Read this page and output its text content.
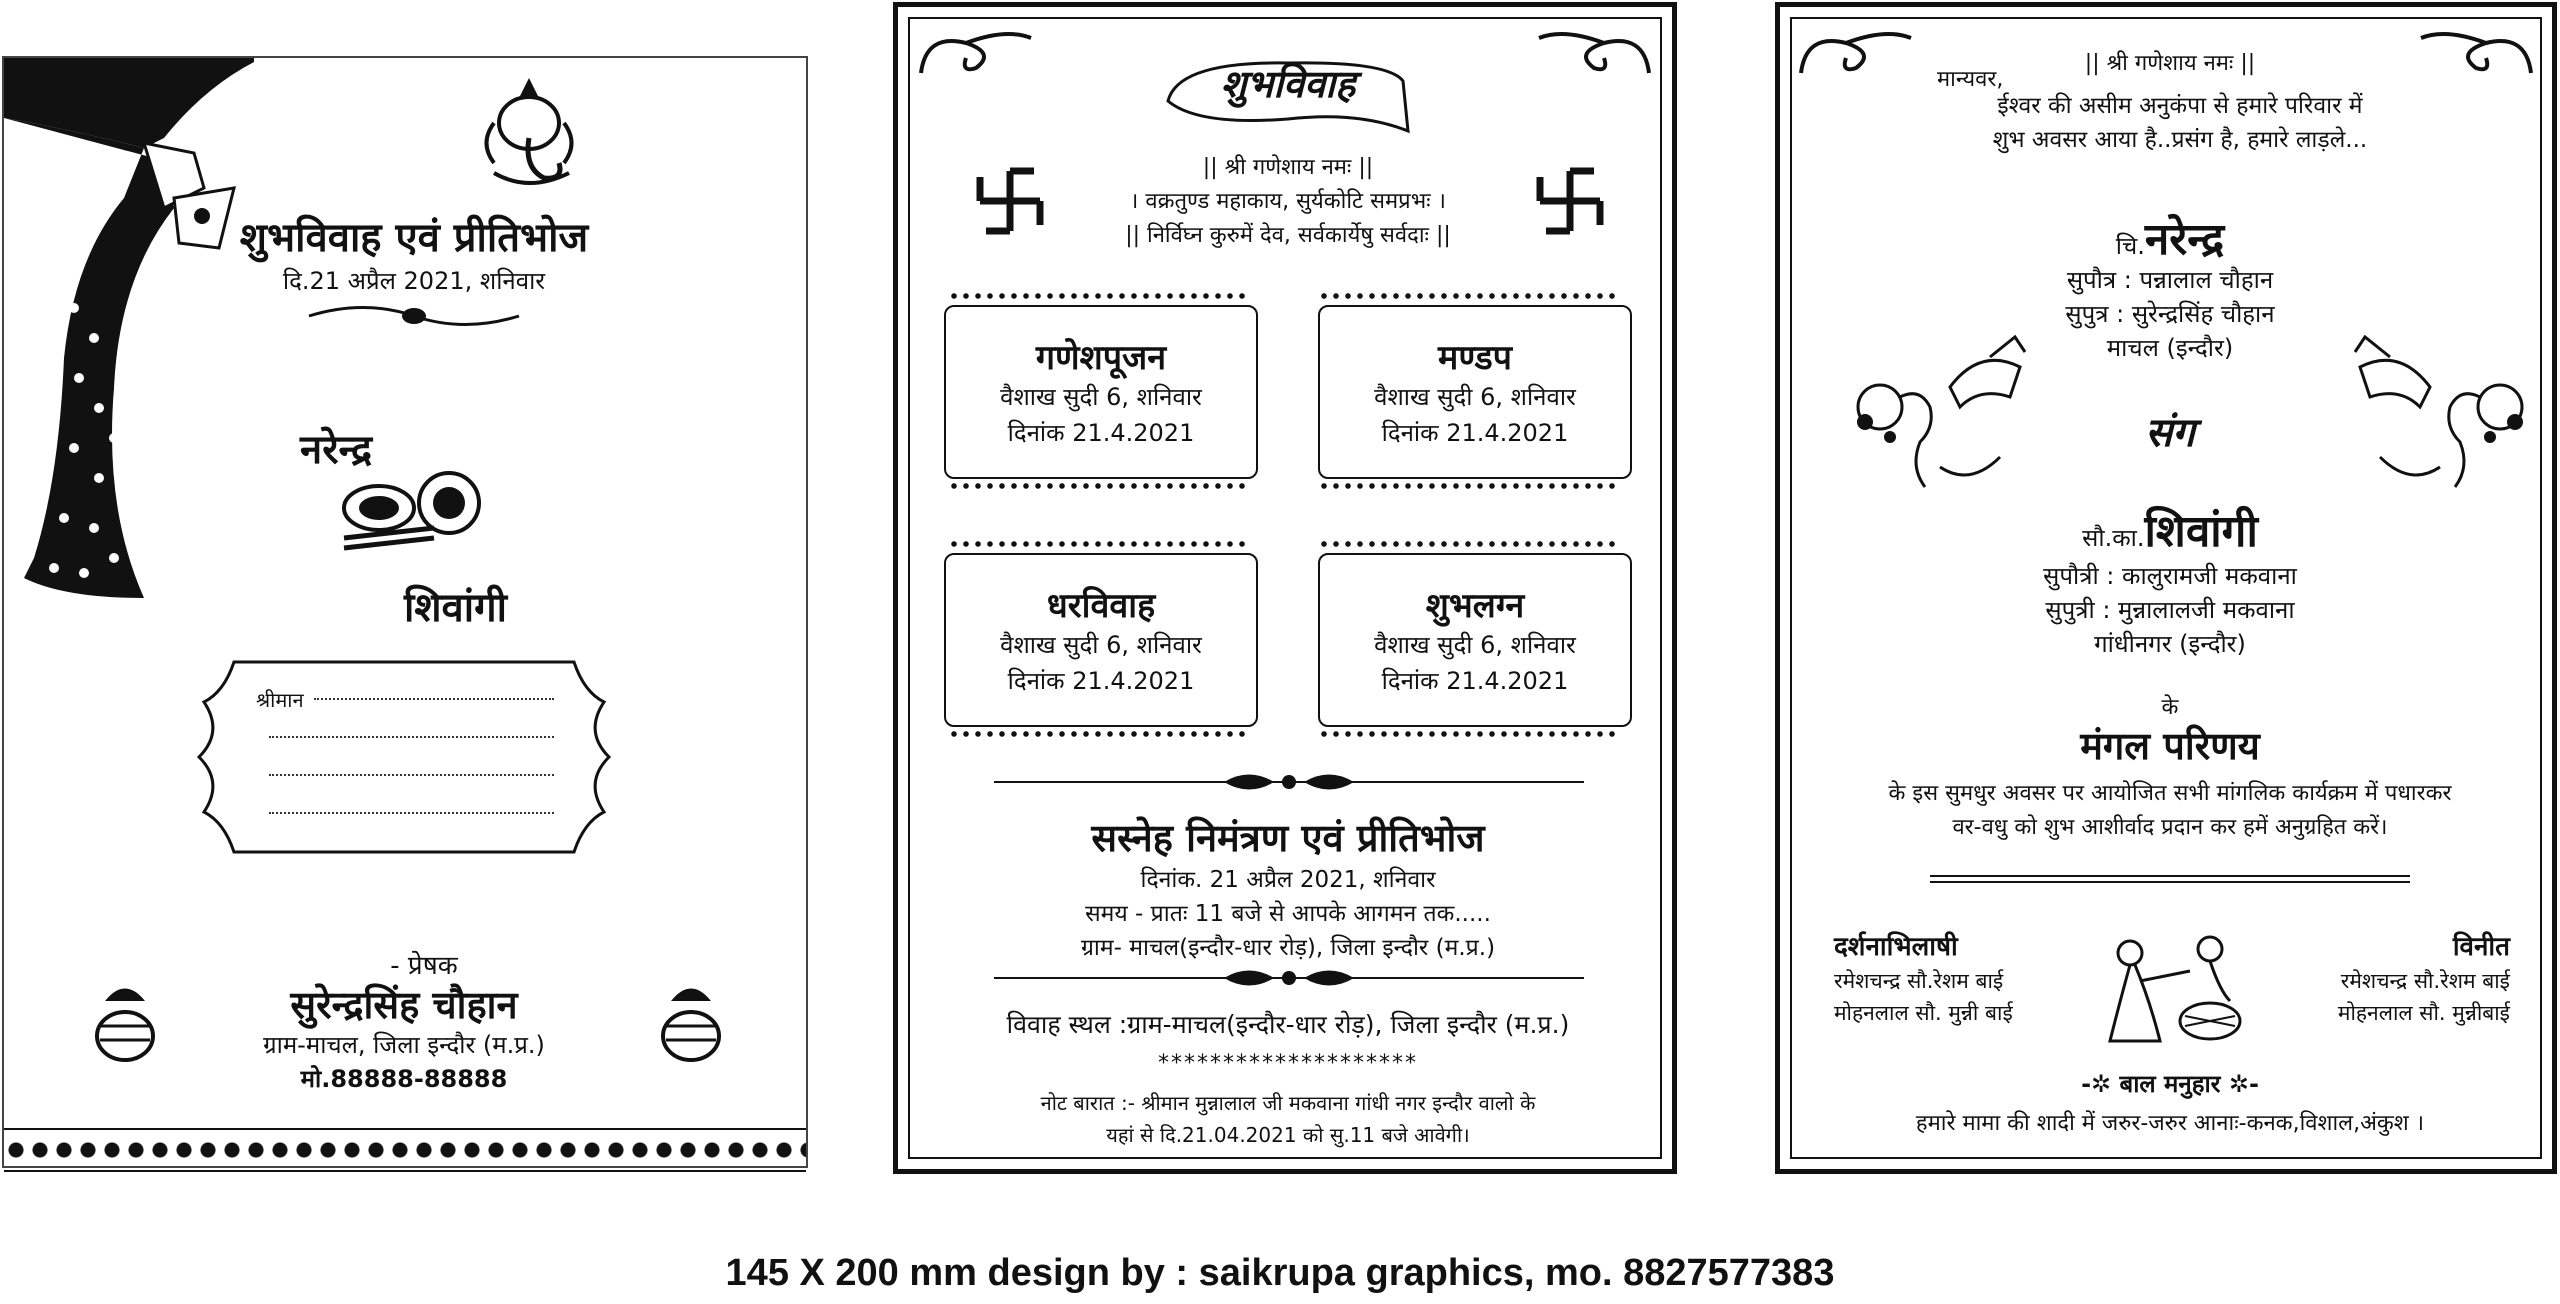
शुभविवाह एवं प्रीतिभोज
दि.21 अप्रैल 2021, शनिवार
नरेन्द्र
शिवांगी
श्रीमान
- प्रेषक
सुरेन्द्रसिंह चौहान
ग्राम-माचल, जिला इन्दौर (म.प्र.)
मो.88888-88888
शुभविवाह
|| श्री गणेशाय नमः ||
। वक्रतुण्ड महाकाय, सुर्यकोटि समप्रभः ।
|| निर्विघ्न कुरुमें देव, सर्वकार्येषु सर्वदाः ||
गणेशपूजन
वैशाख सुदी 6, शनिवार
दिनांक 21.4.2021
मण्डप
वैशाख सुदी 6, शनिवार
दिनांक 21.4.2021
धरविवाह
वैशाख सुदी 6, शनिवार
दिनांक 21.4.2021
शुभलग्न
वैशाख सुदी 6, शनिवार
दिनांक 21.4.2021
सस्नेह निमंत्रण एवं प्रीतिभोज
दिनांक. 21 अप्रैल 2021, शनिवार
समय - प्रातः 11 बजे से आपके आगमन तक.....
ग्राम- माचल(इन्दौर-धार रोड़), जिला इन्दौर (म.प्र.)
विवाह स्थल :ग्राम-माचल(इन्दौर-धार रोड़), जिला इन्दौर (म.प्र.)
********************
नोट बारात :- श्रीमान मुन्नालाल जी मकवाना गांधी नगर इन्दौर वालो के
यहां से दि.21.04.2021 को सु.11 बजे आवेगी।
|| श्री गणेशाय नमः ||
मान्यवर,
ईश्वर की असीम अनुकंपा से हमारे परिवार में
शुभ अवसर आया है..प्रसंग है, हमारे लाड़ले...
चि.नरेन्द्र
सुपौत्र : पन्नालाल चौहान
सुपुत्र : सुरेन्द्रसिंह चौहान
माचल (इन्दौर)
संग
सौ.का.शिवांगी
सुपौत्री : कालुरामजी मकवाना
सुपुत्री : मुन्नालालजी मकवाना
गांधीनगर (इन्दौर)
के
मंगल परिणय
के इस सुमधुर अवसर पर आयोजित सभी मांगलिक कार्यक्रम में पधारकर
वर-वधु को शुभ आशीर्वाद प्रदान कर हमें अनुग्रहित करें।
दर्शनाभिलाषी
रमेशचन्द्र सौ.रेशम बाई
मोहनलाल सौ. मुन्नी बाई
विनीत
रमेशचन्द्र सौ.रेशम बाई
मोहनलाल सौ. मुन्नीबाई
-✲ बाल मनुहार ✲-
हमारे मामा की शादी में जरुर-जरुर आनाः-कनक,विशाल,अंकुश ।
145 X 200 mm design by : saikrupa graphics, mo. 8827577383
